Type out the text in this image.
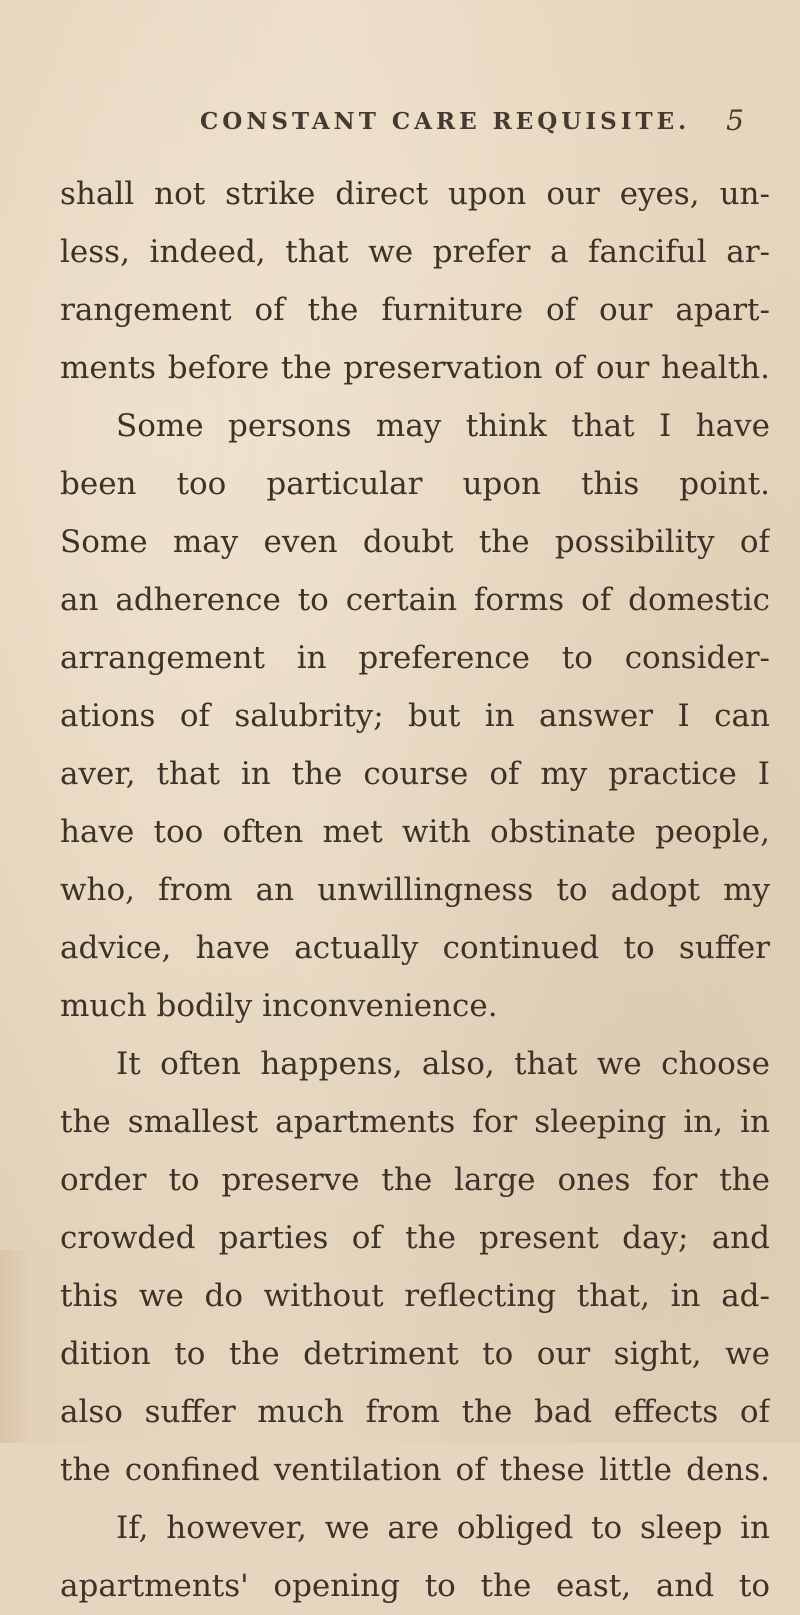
CONSTANT CARE REQUISITE. 5
shall not strike direct upon our eyes, un-
less, indeed, that we prefer a fanciful ar-
rangement of the furniture of our apart-
ments before the preservation of our health.
Some persons may think that I have
been too particular upon this point.
Some may even doubt the possibility of
an adherence to certain forms of domestic
arrangement in preference to consider-
ations of salubrity; but in answer I can
aver, that in the course of my practice I
have too often met with obstinate people,
who, from an unwillingness to adopt my
advice, have actually continued to suffer
much bodily inconvenience.
It often happens, also, that we choose
the smallest apartments for sleeping in, in
order to preserve the large ones for the
crowded parties of the present day; and
this we do without reflecting that, in ad-
dition to the detriment to our sight, we
also suffer much from the bad effects of
the confined ventilation of these little dens.
If, however, we are obliged to sleep in
apartments' opening to the east, and to
